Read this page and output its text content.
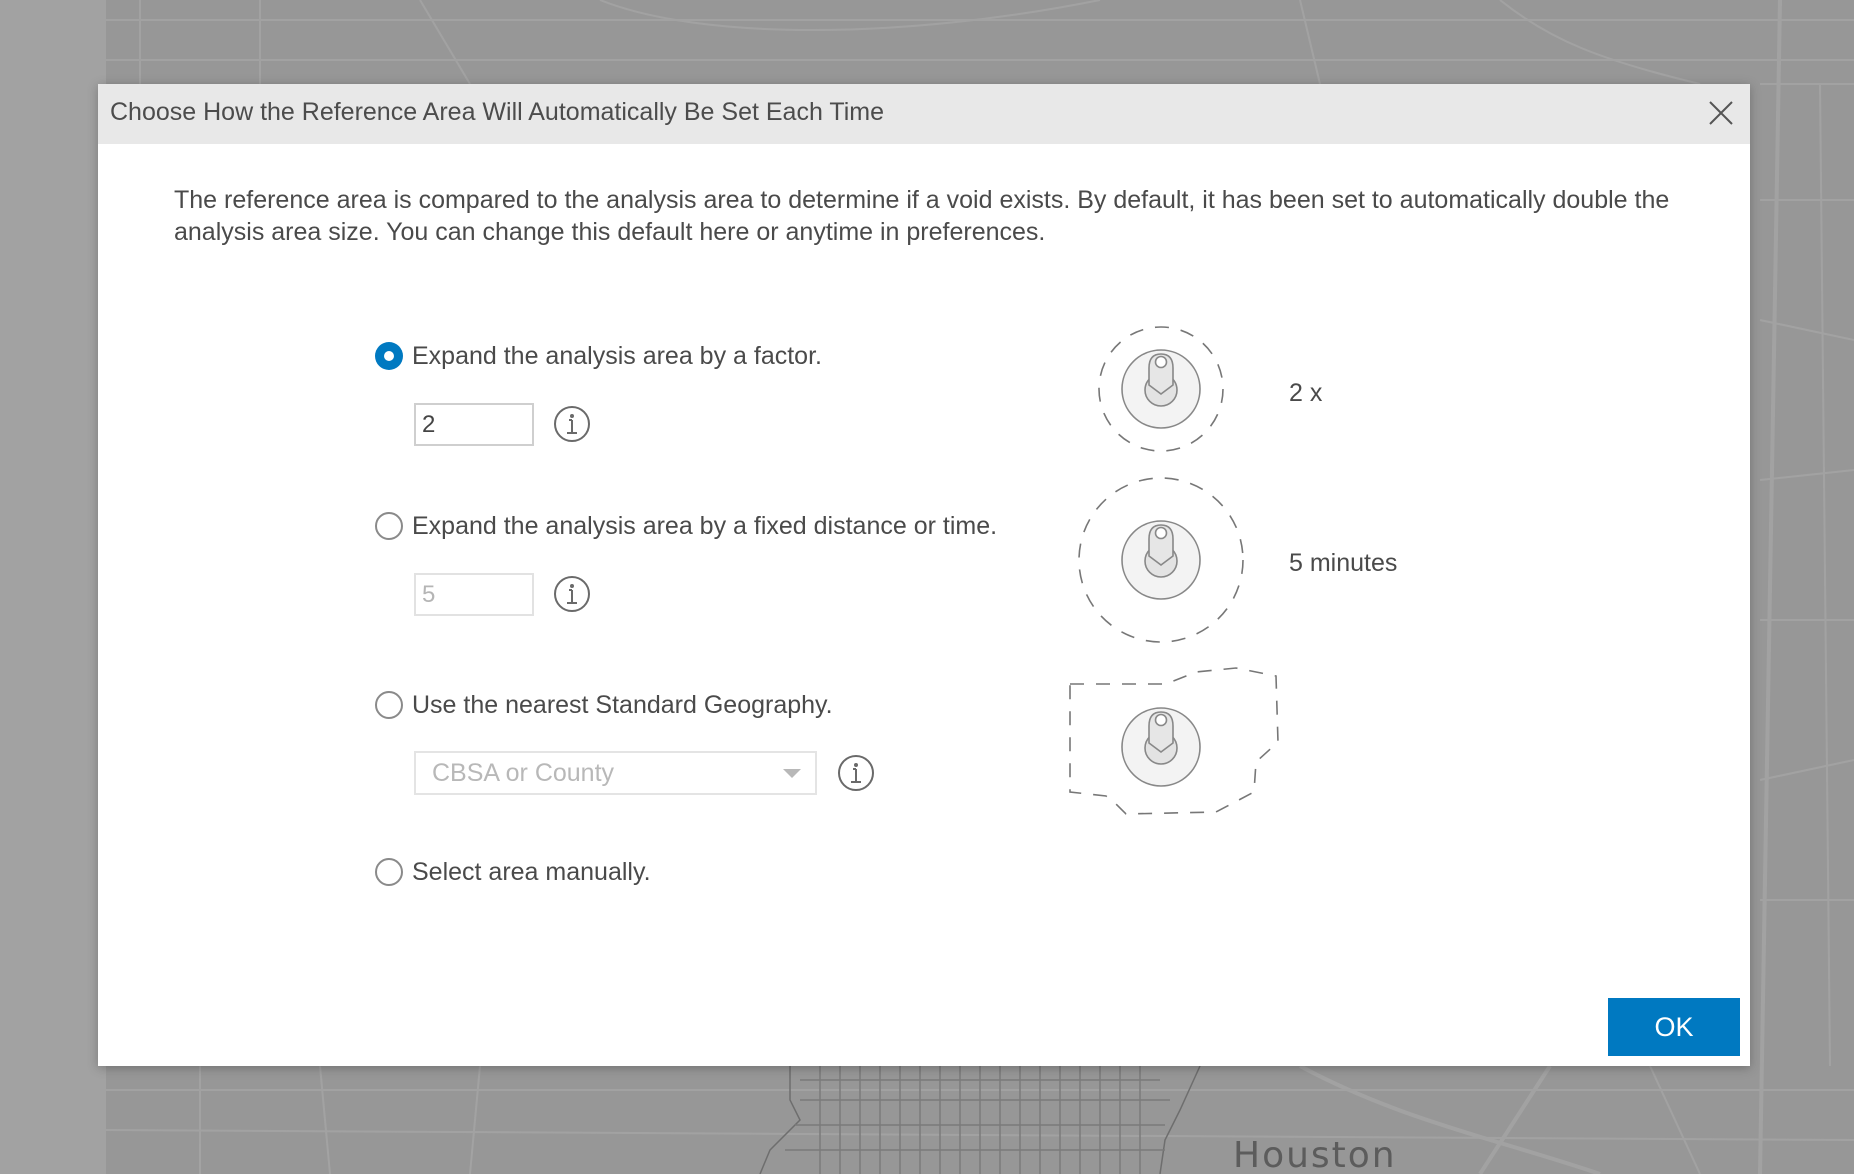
Houston
Choose How the Reference Area Will Automatically Be Set Each Time
The reference area is compared to the analysis area to determine if a void exists. By default, it has been set to automatically double the analysis area size. You can change this default here or anytime in preferences.
Expand the analysis area by a factor.
2
Expand the analysis area by a fixed distance or time.
5
Use the nearest Standard Geography.
CBSA or County
Select area manually.
2 x
5 minutes
OK
